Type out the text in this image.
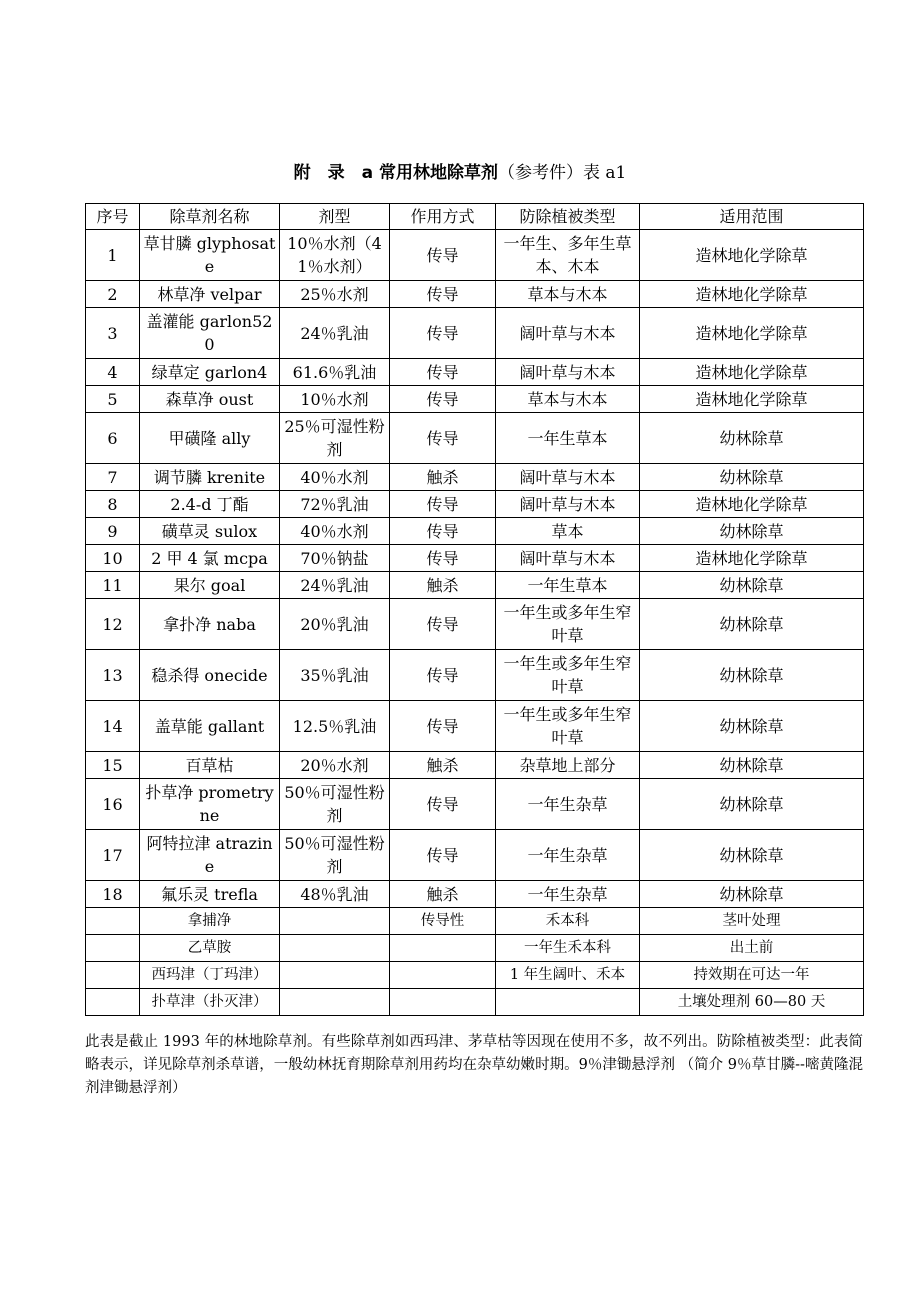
附　录　a 常用林地除草剂（参考件）表 a1
序号	除草剂名称	剂型	作用方式	防除植被类型	适用范围
1	草甘膦 glyphosate	10％水剂（41％水剂）	传导	一年生、多年生草本、木本	造林地化学除草
2	林草净 velpar	25％水剂	传导	草本与木本	造林地化学除草
3	盖灌能 garlon520	24％乳油	传导	阔叶草与木本	造林地化学除草
4	绿草定 garlon4	61.6％乳油	传导	阔叶草与木本	造林地化学除草
5	森草净 oust	10％水剂	传导	草本与木本	造林地化学除草
6	甲磺隆 ally	25％可湿性粉剂	传导	一年生草本	幼林除草
7	调节膦 krenite	40％水剂	触杀	阔叶草与木本	幼林除草
8	2.4-d 丁酯	72％乳油	传导	阔叶草与木本	造林地化学除草
9	磺草灵 sulox	40％水剂	传导	草本	幼林除草
10	2 甲 4 氯 mcpa	70％钠盐	传导	阔叶草与木本	造林地化学除草
11	果尔 goal	24％乳油	触杀	一年生草本	幼林除草
12	拿扑净 naba	20％乳油	传导	一年生或多年生窄叶草	幼林除草
13	稳杀得 onecide	35％乳油	传导	一年生或多年生窄叶草	幼林除草
14	盖草能 gallant	12.5％乳油	传导	一年生或多年生窄叶草	幼林除草
15	百草枯	20％水剂	触杀	杂草地上部分	幼林除草
16	扑草净 prometryne	50％可湿性粉剂	传导	一年生杂草	幼林除草
17	阿特拉津 atrazine	50％可湿性粉剂	传导	一年生杂草	幼林除草
18	氟乐灵 trefla	48％乳油	触杀	一年生杂草	幼林除草
	拿捕净		传导性	禾本科	茎叶处理
	乙草胺			一年生禾本科	出土前
	西玛津（丁玛津）			1 年生阔叶、禾本	持效期在可达一年
	扑草津（扑灭津）				土壤处理剂 60—80 天
此表是截止 1993 年的林地除草剂。有些除草剂如西玛津、茅草枯等因现在使用不多，故不列出。防除植被类型：此表简略表示，详见除草剂杀草谱，一般幼林抚育期除草剂用药均在杂草幼嫩时期。9％津锄悬浮剂 （简介 9％草甘膦--嘧黄隆混剂津锄悬浮剂）
